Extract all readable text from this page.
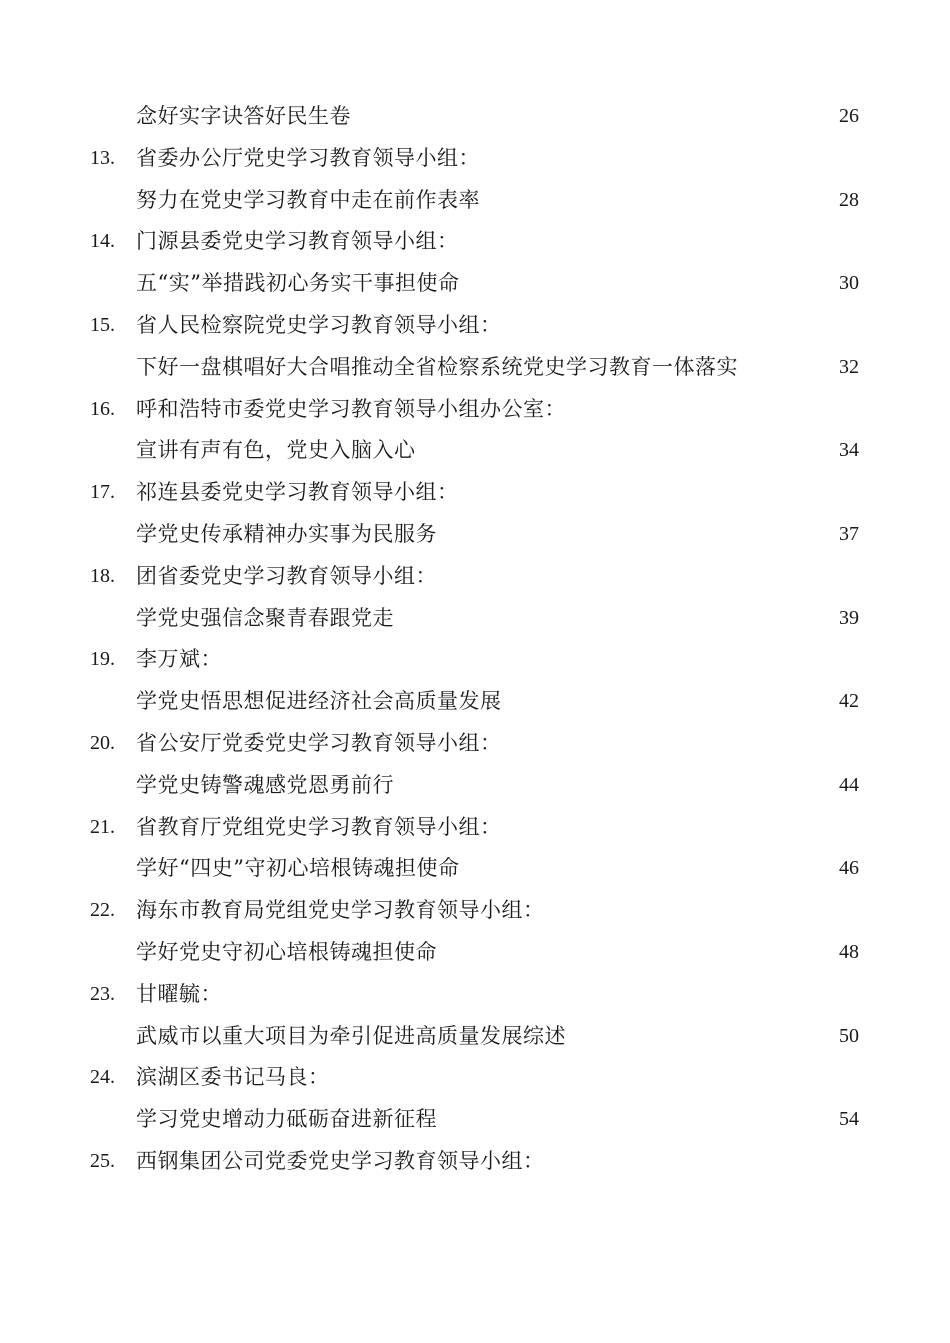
念好实字诀答好民生卷	26
13. 省委办公厅党史学习教育领导小组：
努力在党史学习教育中走在前作表率	28
14. 门源县委党史学习教育领导小组：
五“实”举措践初心务实干事担使命	30
15. 省人民检察院党史学习教育领导小组：
下好一盘棋唱好大合唱推动全省检察系统党史学习教育一体落实	32
16. 呼和浩特市委党史学习教育领导小组办公室：
宣讲有声有色，党史入脑入心	34
17. 祁连县委党史学习教育领导小组：
学党史传承精神办实事为民服务	37
18. 团省委党史学习教育领导小组：
学党史强信念聚青春跟党走	39
19. 李万斌：
学党史悟思想促进经济社会高质量发展	42
20. 省公安厅党委党史学习教育领导小组：
学党史铸警魂感党恩勇前行	44
21. 省教育厅党组党史学习教育领导小组：
学好“四史”守初心培根铸魂担使命	46
22. 海东市教育局党组党史学习教育领导小组：
学好党史守初心培根铸魂担使命	48
23. 甘曜毓：
武威市以重大项目为牵引促进高质量发展综述	50
24. 滨湖区委书记马良：
学习党史增动力砥砺奋进新征程	54
25. 西钢集团公司党委党史学习教育领导小组：
